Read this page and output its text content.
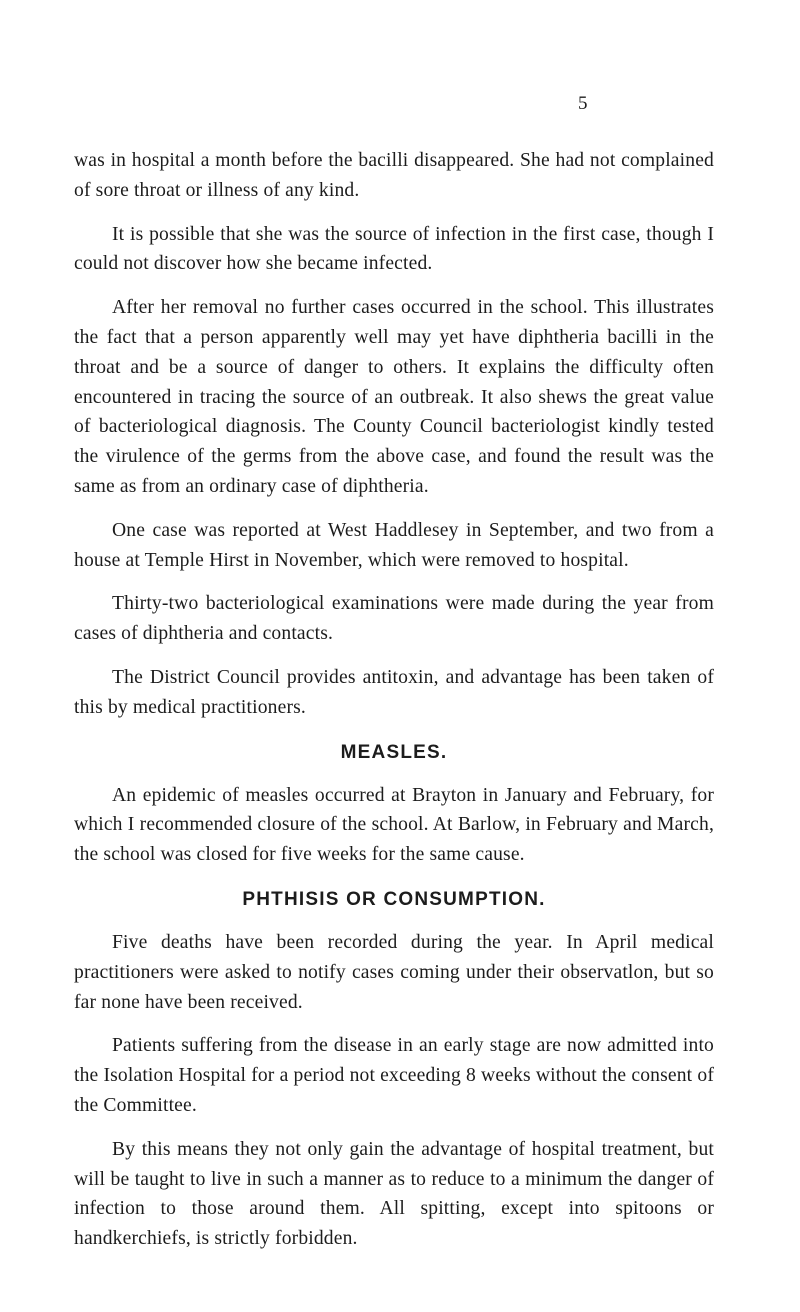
5

was in hospital a month before the bacilli disappeared. She had not complained of sore throat or illness of any kind.

It is possible that she was the source of infection in the first case, though I could not discover how she became infected.

After her removal no further cases occurred in the school. This illustrates the fact that a person apparently well may yet have diphtheria bacilli in the throat and be a source of danger to others. It explains the difficulty often encountered in tracing the source of an outbreak. It also shews the great value of bacteriological diagnosis. The County Council bacteriologist kindly tested the virulence of the germs from the above case, and found the result was the same as from an ordinary case of diphtheria.

One case was reported at West Haddlesey in September, and two from a house at Temple Hirst in November, which were removed to hospital.

Thirty-two bacteriological examinations were made during the year from cases of diphtheria and contacts.

The District Council provides antitoxin, and advantage has been taken of this by medical practitioners.

MEASLES.

An epidemic of measles occurred at Brayton in January and February, for which I recommended closure of the school. At Barlow, in February and March, the school was closed for five weeks for the same cause.

PHTHISIS OR CONSUMPTION.

Five deaths have been recorded during the year. In April medical practitioners were asked to notify cases coming under their observatlon, but so far none have been received.

Patients suffering from the disease in an early stage are now admitted into the Isolation Hospital for a period not exceeding 8 weeks without the consent of the Committee.

By this means they not only gain the advantage of hospital treatment, but will be taught to live in such a manner as to reduce to a minimum the danger of infection to those around them. All spitting, except into spitoons or handkerchiefs, is strictly forbidden.
